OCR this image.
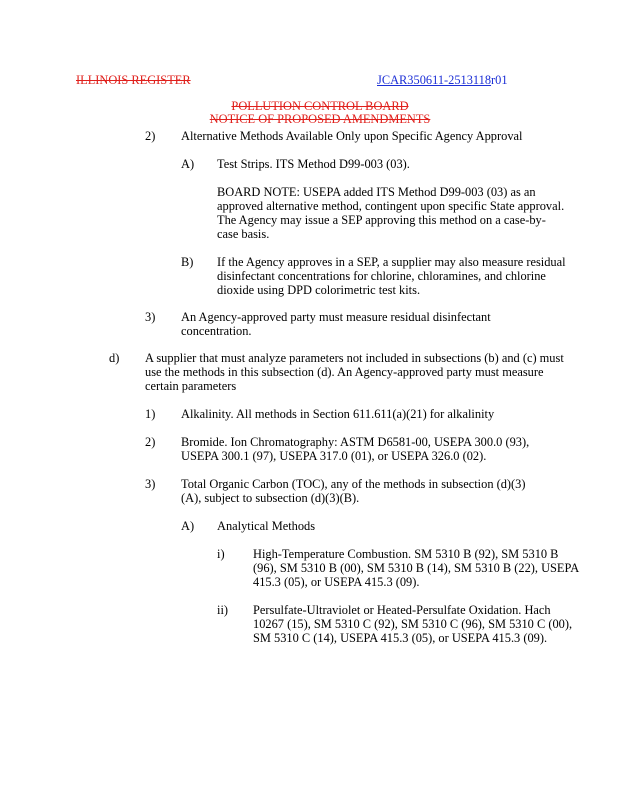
ILLINOIS REGISTER	JCAR350611-2513118r01
POLLUTION CONTROL BOARD
NOTICE OF PROPOSED AMENDMENTS
2) Alternative Methods Available Only upon Specific Agency Approval
A) Test Strips. ITS Method D99-003 (03).
BOARD NOTE: USEPA added ITS Method D99-003 (03) as an approved alternative method, contingent upon specific State approval. The Agency may issue a SEP approving this method on a case-by-case basis.
B) If the Agency approves in a SEP, a supplier may also measure residual disinfectant concentrations for chlorine, chloramines, and chlorine dioxide using DPD colorimetric test kits.
3) An Agency-approved party must measure residual disinfectant concentration.
d) A supplier that must analyze parameters not included in subsections (b) and (c) must use the methods in this subsection (d). An Agency-approved party must measure certain parameters
1) Alkalinity. All methods in Section 611.611(a)(21) for alkalinity
2) Bromide. Ion Chromatography: ASTM D6581-00, USEPA 300.0 (93), USEPA 300.1 (97), USEPA 317.0 (01), or USEPA 326.0 (02).
3) Total Organic Carbon (TOC), any of the methods in subsection (d)(3)(A), subject to subsection (d)(3)(B).
A) Analytical Methods
i) High-Temperature Combustion. SM 5310 B (92), SM 5310 B (96), SM 5310 B (00), SM 5310 B (14), SM 5310 B (22), USEPA 415.3 (05), or USEPA 415.3 (09).
ii) Persulfate-Ultraviolet or Heated-Persulfate Oxidation. Hach 10267 (15), SM 5310 C (92), SM 5310 C (96), SM 5310 C (00), SM 5310 C (14), USEPA 415.3 (05), or USEPA 415.3 (09).
